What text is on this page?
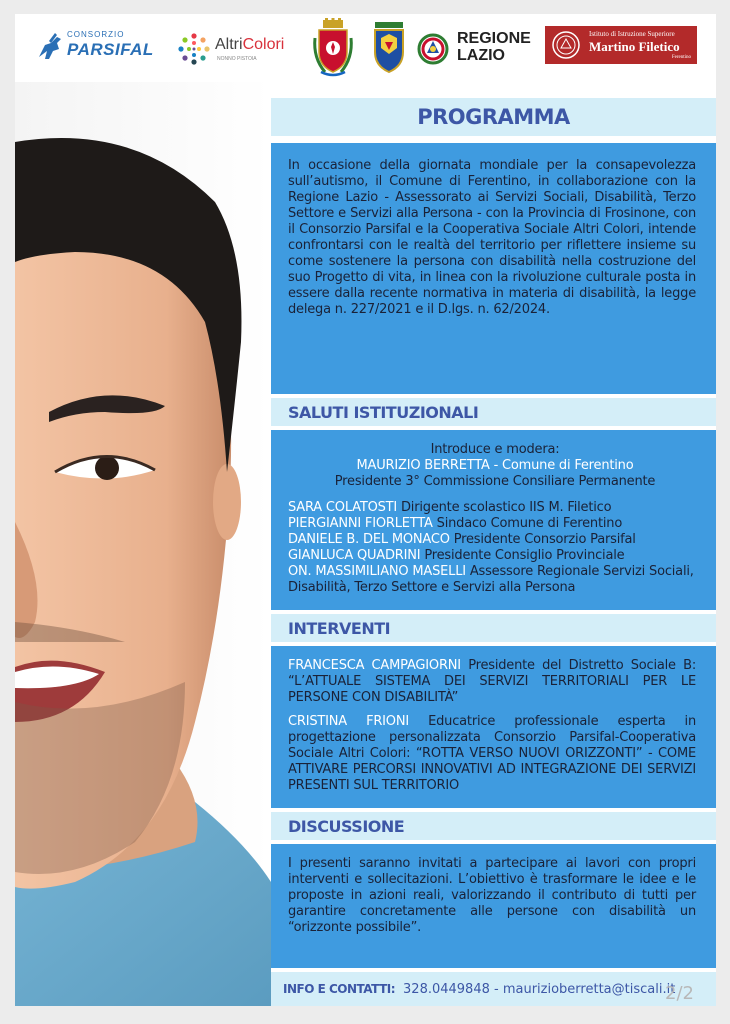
CONSORZIO
PARSIFAL	AltriColori
NONNO PISTOIA
REGIONE LAZIO
Istituto di Istruzione Superiore
Martino Filetico
Ferentino
PROGRAMMA

In occasione della giornata mondiale per la consapevolezza sull’autismo, il Comune di Ferentino, in collaborazione con la Regione Lazio - Assessorato ai Servizi Sociali, Disabilità, Terzo Settore e Servizi alla Persona - con la Provincia di Frosinone, con il Consorzio Parsifal e la Cooperativa Sociale Altri Colori, intende confrontarsi con le realtà del territorio per riflettere insieme su come sostenere la persona con disabilità nella costruzione del suo Progetto di vita, in linea con la rivoluzione culturale posta in essere dalla recente normativa in materia di disabilità, la legge delega n. 227/2021 e il D.lgs. n. 62/2024.

SALUTI ISTITUZIONALI

Introduce e modera:

MAURIZIO BERRETTA - Comune di Ferentino

Presidente 3° Commissione Consiliare Permanente

SARA COLATOSTI Dirigente scolastico IIS M. Filetico

PIERGIANNI FIORLETTA Sindaco Comune di Ferentino

DANIELE B. DEL MONACO Presidente Consorzio Parsifal

GIANLUCA QUADRINI Presidente Consiglio Provinciale

ON. MASSIMILIANO MASELLI Assessore Regionale Servizi Sociali, Disabilità, Terzo Settore e Servizi alla Persona

INTERVENTI

FRANCESCA CAMPAGIORNI Presidente del Distretto Sociale B: “L’ATTUALE SISTEMA DEI SERVIZI TERRITORIALI PER LE PERSONE CON DISABILITÀ”

CRISTINA FRIONI Educatrice professionale esperta in progettazione personalizzata Consorzio Parsifal-Cooperativa Sociale Altri Colori: “ROTTA VERSO NUOVI ORIZZONTI” - COME ATTIVARE PERCORSI INNOVATIVI AD INTEGRAZIONE DEI SERVIZI PRESENTI SUL TERRITORIO

DISCUSSIONE

I presenti saranno invitati a partecipare ai lavori con propri interventi e sollecitazioni. L’obiettivo è trasformare le idee e le proposte in azioni reali, valorizzando il contributo di tutti per garantire concretamente alle persone con disabilità un “orizzonte possibile”.

INFO E CONTATTI: 328.0449848 - maurizioberretta@tiscali.it
2/2
